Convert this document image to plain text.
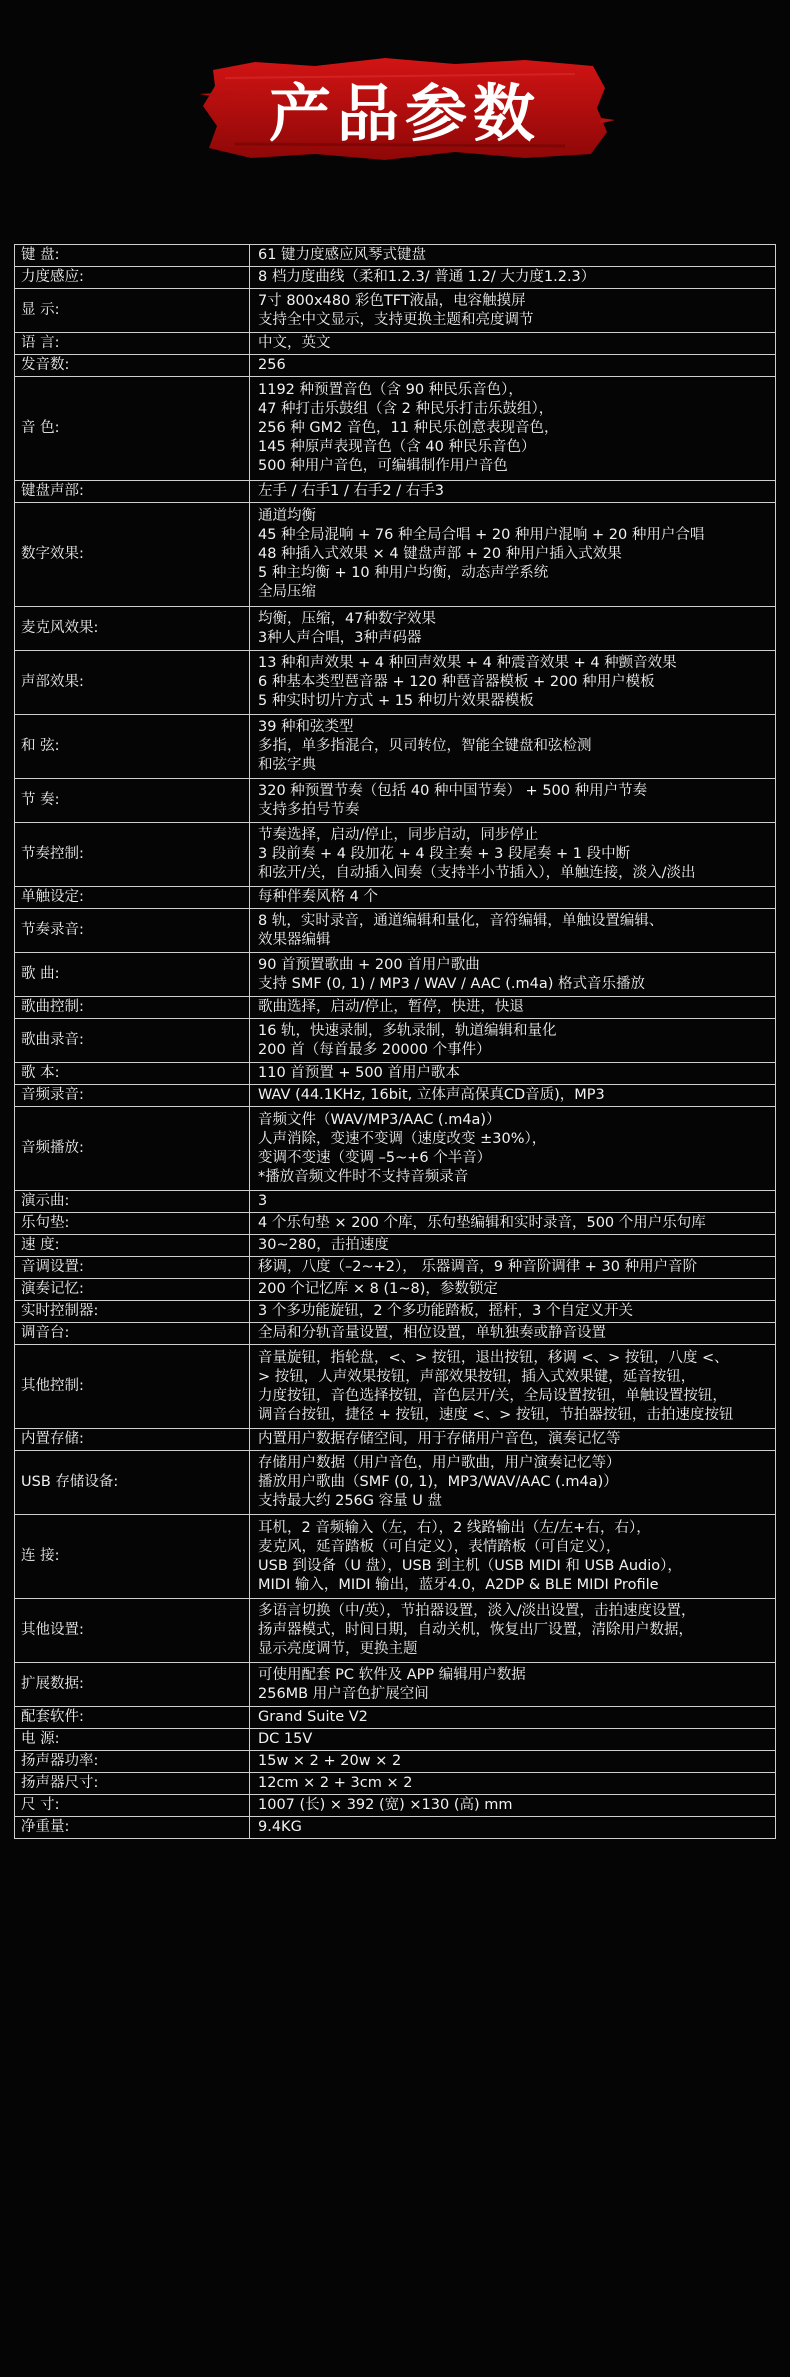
产品参数
键 盘:	61 键力度感应风琴式键盘
力度感应:	8 档力度曲线（柔和1.2.3/ 普通 1.2/ 大力度1.2.3）
显 示:	7寸 800x480 彩色TFT液晶，电容触摸屏
支持全中文显示，支持更换主题和亮度调节
语 言:	中文，英文
发音数:	256
音 色:	1192 种预置音色（含 90 种民乐音色），
47 种打击乐鼓组（含 2 种民乐打击乐鼓组），
256 种 GM2 音色，11 种民乐创意表现音色，
145 种原声表现音色（含 40 种民乐音色）
500 种用户音色，可编辑制作用户音色
键盘声部:	左手 / 右手1 / 右手2 / 右手3
数字效果:	通道均衡
45 种全局混响 + 76 种全局合唱 + 20 种用户混响 + 20 种用户合唱
48 种插入式效果 × 4 键盘声部 + 20 种用户插入式效果
5 种主均衡 + 10 种用户均衡，动态声学系统
全局压缩
麦克风效果:	均衡，压缩，47种数字效果
3种人声合唱，3种声码器
声部效果:	13 种和声效果 + 4 种回声效果 + 4 种震音效果 + 4 种颤音效果
6 种基本类型琶音器 + 120 种琶音器模板 + 200 种用户模板
5 种实时切片方式 + 15 种切片效果器模板
和 弦:	39 种和弦类型
多指，单多指混合，贝司转位，智能全键盘和弦检测
和弦字典
节 奏:	320 种预置节奏（包括 40 种中国节奏） + 500 种用户节奏
支持多拍号节奏
节奏控制:	节奏选择，启动/停止，同步启动，同步停止
3 段前奏 + 4 段加花 + 4 段主奏 + 3 段尾奏 + 1 段中断
和弦开/关，自动插入间奏（支持半小节插入），单触连接，淡入/淡出
单触设定:	每种伴奏风格 4 个
节奏录音:	8 轨，实时录音，通道编辑和量化，音符编辑，单触设置编辑、
效果器编辑
歌 曲:	90 首预置歌曲 + 200 首用户歌曲
支持 SMF (0, 1) / MP3 / WAV / AAC (.m4a) 格式音乐播放
歌曲控制:	歌曲选择，启动/停止，暂停，快进，快退
歌曲录音:	16 轨，快速录制，多轨录制，轨道编辑和量化
200 首（每首最多 20000 个事件）
歌 本:	110 首预置 + 500 首用户歌本
音频录音:	WAV (44.1KHz, 16bit, 立体声高保真CD音质)，MP3
音频播放:	音频文件（WAV/MP3/AAC (.m4a)）
人声消除，变速不变调（速度改变 ±30%），
变调不变速（变调 –5~+6 个半音）
*播放音频文件时不支持音频录音
演示曲:	3
乐句垫:	4 个乐句垫 × 200 个库，乐句垫编辑和实时录音，500 个用户乐句库
速 度:	30~280，击拍速度
音调设置:	移调，八度（–2~+2）， 乐器调音，9 种音阶调律 + 30 种用户音阶
演奏记忆:	200 个记忆库 × 8 (1~8)，参数锁定
实时控制器:	3 个多功能旋钮，2 个多功能踏板，摇杆，3 个自定义开关
调音台:	全局和分轨音量设置，相位设置，单轨独奏或静音设置
其他控制:	音量旋钮，指轮盘，<、> 按钮，退出按钮，移调 <、> 按钮，八度 <、
> 按钮，人声效果按钮，声部效果按钮，插入式效果键，延音按钮，
力度按钮，音色选择按钮，音色层开/关，全局设置按钮，单触设置按钮，
调音台按钮，捷径 + 按钮，速度 <、> 按钮，节拍器按钮，击拍速度按钮
内置存储:	内置用户数据存储空间，用于存储用户音色，演奏记忆等
USB 存储设备:	存储用户数据（用户音色，用户歌曲，用户演奏记忆等）
播放用户歌曲（SMF (0, 1)，MP3/WAV/AAC (.m4a)）
支持最大约 256G 容量 U 盘
连 接:	耳机，2 音频输入（左，右），2 线路输出（左/左+右，右），
麦克风，延音踏板（可自定义），表情踏板（可自定义），
USB 到设备（U 盘），USB 到主机（USB MIDI 和 USB Audio），
MIDI 输入，MIDI 输出，蓝牙4.0，A2DP & BLE MIDI Profile
其他设置:	多语言切换（中/英），节拍器设置，淡入/淡出设置，击拍速度设置，
扬声器模式，时间日期，自动关机，恢复出厂设置，清除用户数据，
显示亮度调节，更换主题
扩展数据:	可使用配套 PC 软件及 APP 编辑用户数据
256MB 用户音色扩展空间
配套软件:	Grand Suite V2
电 源:	DC 15V
扬声器功率:	15w × 2 + 20w × 2
扬声器尺寸:	12cm × 2 + 3cm × 2
尺 寸:	1007 (长) × 392 (宽) ×130 (高) mm
净重量:	9.4KG
